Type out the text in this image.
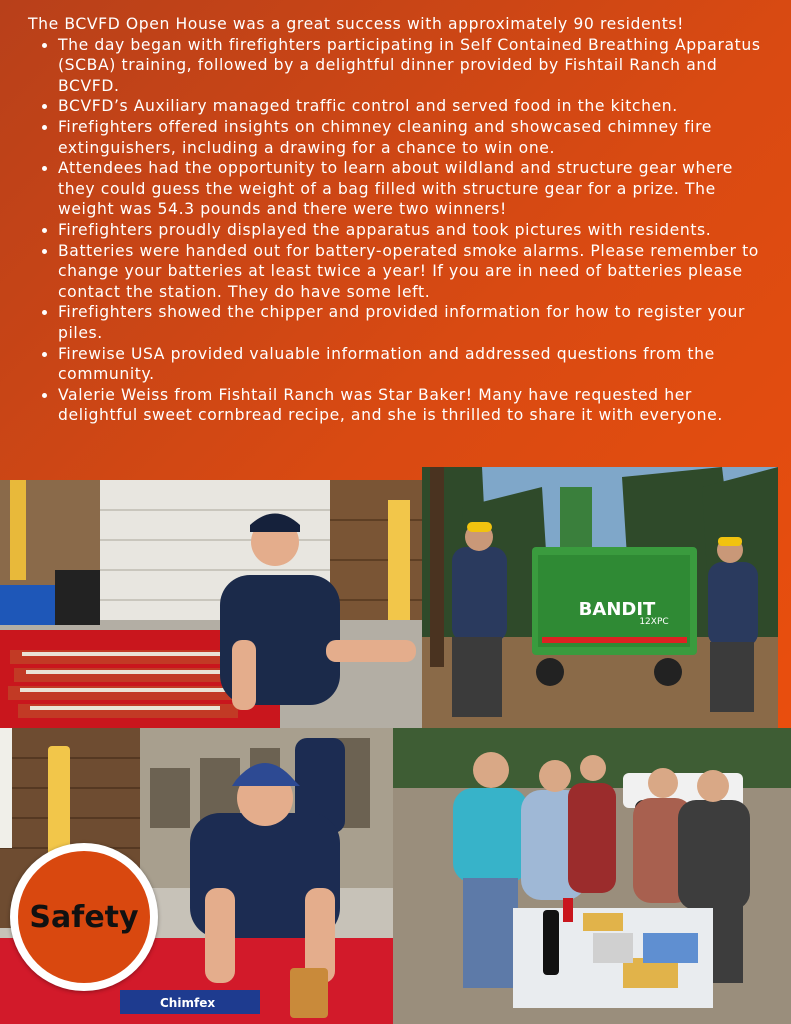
The BCVFD Open House was a great success with approximately 90 residents!

• The day began with firefighters participating in Self Contained Breathing Apparatus (SCBA) training, followed by a delightful dinner provided by Fishtail Ranch and BCVFD.
• BCVFD’s Auxiliary managed traffic control and served food in the kitchen.
• Firefighters offered insights on chimney cleaning and showcased chimney fire extinguishers, including a drawing for a chance to win one.
• Attendees had the opportunity to learn about wildland and structure gear where they could guess the weight of a bag filled with structure gear for a prize. The weight was 54.3 pounds and there were two winners!
• Firefighters proudly displayed the apparatus and took pictures with residents.
• Batteries were handed out for battery-operated smoke alarms. Please remember to change your batteries at least twice a year! If you are in need of batteries please contact the station. They do have some left.
• Firefighters showed the chipper and provided information for how to register your piles.
• Firewise USA provided valuable information and addressed questions from the community.
• Valerie Weiss from Fishtail Ranch was Star Baker! Many have requested her delightful sweet cornbread recipe, and she is thrilled to share it with everyone.
BANDIT
12XPC
Chimfex
Safety
